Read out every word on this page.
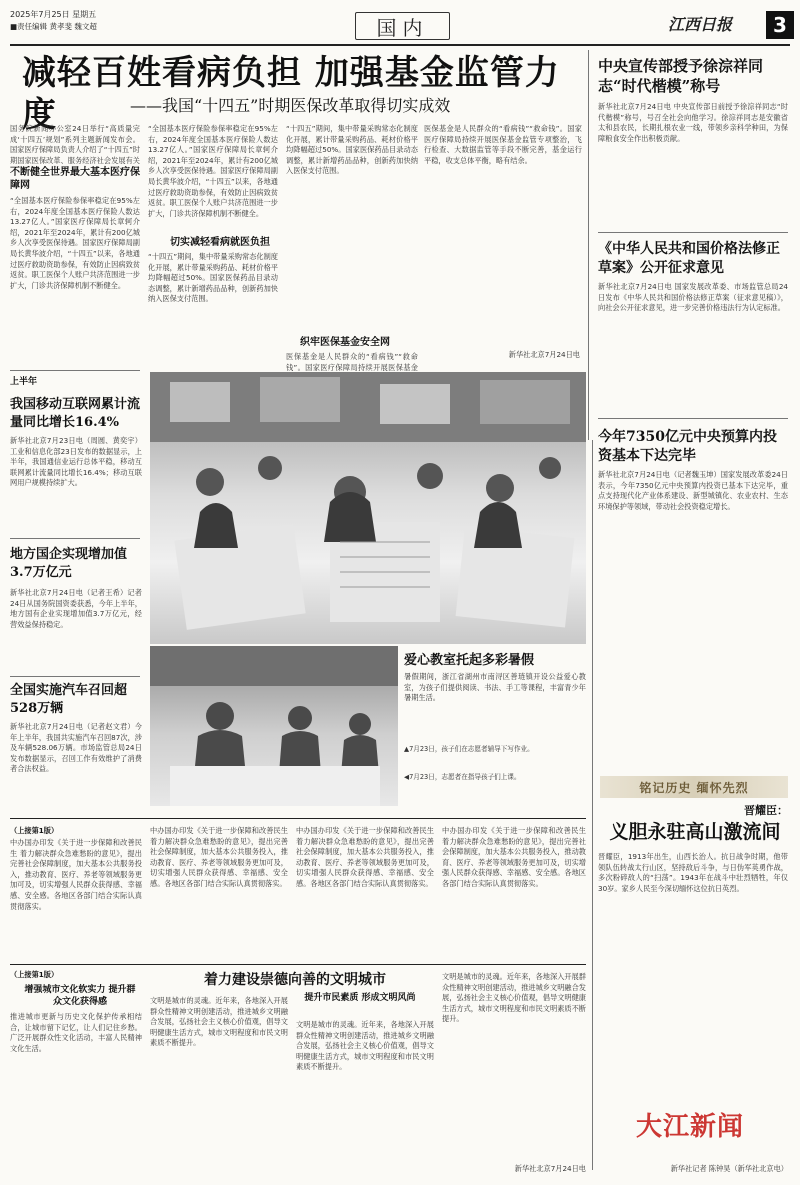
2025年7月25日 星期五
■责任编辑 黄孝斐 魏文超	国内	江西日报	3
减轻百姓看病负担 加强基金监管力度	——我国“十四五”时期医保改革取得切实成效
国务院新闻办公室24日举行“高质量完成‘十四五’规划”系列主题新闻发布会。国家医疗保障局负责人介绍了“十四五”时期国家医保改革、服务经济社会发展有关
不断健全世界最大基本医疗保障网
“全国基本医疗保险参保率稳定在95%左右，2024年度全国基本医疗保险人数达13.27亿人。”国家医疗保障局长章轲介绍，2021年至2024年，累计有200亿城乡人次享受医保待遇。国家医疗保障局副局长黄华波介绍，“十四五”以来，各地通过医疗救助资助参保，有效防止因病致贫返贫。职工医保个人账户共济范围进一步扩大，门诊共济保障机制不断健全。
“全国基本医疗保险参保率稳定在95%左右，2024年度全国基本医疗保险人数达13.27亿人。”国家医疗保障局长章轲介绍，2021年至2024年，累计有200亿城乡人次享受医保待遇。国家医疗保障局副局长黄华波介绍，“十四五”以来，各地通过医疗救助资助参保，有效防止因病致贫返贫。职工医保个人账户共济范围进一步扩大，门诊共济保障机制不断健全。
切实减轻看病就医负担
“十四五”期间，集中带量采购常态化制度化开展，累计带量采购药品、耗材价格平均降幅超过50%。国家医保药品目录动态调整，累计新增药品品种，创新药加快纳入医保支付范围。
“十四五”期间，集中带量采购常态化制度化开展，累计带量采购药品、耗材价格平均降幅超过50%。国家医保药品目录动态调整，累计新增药品品种，创新药加快纳入医保支付范围。
织牢医保基金安全网
医保基金是人民群众的“看病钱”“救命钱”。国家医疗保障局持续开展医保基金
医保基金是人民群众的“看病钱”“救命钱”。国家医疗保障局持续开展医保基金监管专项整治，飞行检查、大数据监管等手段不断完善，基金运行平稳，收支总体平衡，略有结余。
新华社北京7月24日电
中央宣传部授予徐淙祥同志“时代楷模”称号
新华社北京7月24日电 中央宣传部日前授予徐淙祥同志“时代楷模”称号，号召全社会向他学习。徐淙祥同志是安徽省太和县农民，长期扎根农业一线，带领乡亲科学种田，为保障粮食安全作出积极贡献。
《中华人民共和国价格法修正草案》公开征求意见
新华社北京7月24日电 国家发展改革委、市场监管总局24日发布《中华人民共和国价格法修正草案（征求意见稿）》，向社会公开征求意见，进一步完善价格违法行为认定标准。
今年7350亿元中央预算内投资基本下达完毕
新华社北京7月24日电（记者魏玉坤）国家发展改革委24日表示，今年7350亿元中央预算内投资已基本下达完毕，重点支持现代化产业体系建设、新型城镇化、农业农村、生态环境保护等领域，带动社会投资稳定增长。
铭记历史 缅怀先烈
晋耀臣：
义胆永驻高山激流间
晋耀臣，1913年出生，山西长治人。抗日战争时期，他带领队伍转战太行山区，坚持敌后斗争，与日伪军英勇作战，多次粉碎敌人的“扫荡”。1943年在战斗中壮烈牺牲，年仅30岁。家乡人民至今深切缅怀这位抗日英烈。
新华社记者 陈钟昊（新华社北京电）
上半年
我国移动互联网累计流量同比增长16.4%
新华社北京7月23日电（周圆、黄奕宇）工业和信息化部23日发布的数据显示，上半年，我国通信业运行总体平稳，移动互联网累计流量同比增长16.4%；移动互联网用户规模持续扩大。
地方国企实现增加值3.7万亿元
新华社北京7月24日电（记者王希）记者24日从国务院国资委获悉，今年上半年，地方国有企业实现增加值3.7万亿元，经营效益保持稳定。
全国实施汽车召回超528万辆
新华社北京7月24日电（记者赵文君）今年上半年，我国共实施汽车召回87次，涉及车辆528.06万辆。市场监管总局24日发布数据显示，召回工作有效维护了消费者合法权益。
爱心教室托起多彩暑假
暑假期间，浙江省湖州市南浔区善琏镇开设公益爱心教室，为孩子们提供阅读、书法、手工等课程，丰富青少年暑期生活。
▲7月23日，孩子们在志愿者辅导下写作业。
◀7月23日，志愿者在指导孩子们上课。
（上接第1版）
中办国办印发《关于进一步保障和改善民生 着力解决群众急难愁盼的意见》，提出完善社会保障制度，加大基本公共服务投入，推动教育、医疗、养老等领域服务更加可及，切实增强人民群众获得感、幸福感、安全感。各地区各部门结合实际认真贯彻落实。
中办国办印发《关于进一步保障和改善民生 着力解决群众急难愁盼的意见》，提出完善社会保障制度，加大基本公共服务投入，推动教育、医疗、养老等领域服务更加可及，切实增强人民群众获得感、幸福感、安全感。各地区各部门结合实际认真贯彻落实。
中办国办印发《关于进一步保障和改善民生 着力解决群众急难愁盼的意见》，提出完善社会保障制度，加大基本公共服务投入，推动教育、医疗、养老等领域服务更加可及，切实增强人民群众获得感、幸福感、安全感。各地区各部门结合实际认真贯彻落实。
中办国办印发《关于进一步保障和改善民生 着力解决群众急难愁盼的意见》，提出完善社会保障制度，加大基本公共服务投入，推动教育、医疗、养老等领域服务更加可及，切实增强人民群众获得感、幸福感、安全感。各地区各部门结合实际认真贯彻落实。
（上接第1版）
增强城市文化软实力 提升群众文化获得感
推进城市更新与历史文化保护传承相结合，让城市留下记忆，让人们记住乡愁。广泛开展群众性文化活动，丰富人民精神文化生活。
着力建设崇德向善的文明城市
提升市民素质 形成文明风尚
文明是城市的灵魂。近年来，各地深入开展群众性精神文明创建活动，推进城乡文明融合发展，弘扬社会主义核心价值观，倡导文明健康生活方式，城市文明程度和市民文明素质不断提升。
文明是城市的灵魂。近年来，各地深入开展群众性精神文明创建活动，推进城乡文明融合发展，弘扬社会主义核心价值观，倡导文明健康生活方式，城市文明程度和市民文明素质不断提升。
文明是城市的灵魂。近年来，各地深入开展群众性精神文明创建活动，推进城乡文明融合发展，弘扬社会主义核心价值观，倡导文明健康生活方式，城市文明程度和市民文明素质不断提升。
新华社北京7月24日电
大江新闻
